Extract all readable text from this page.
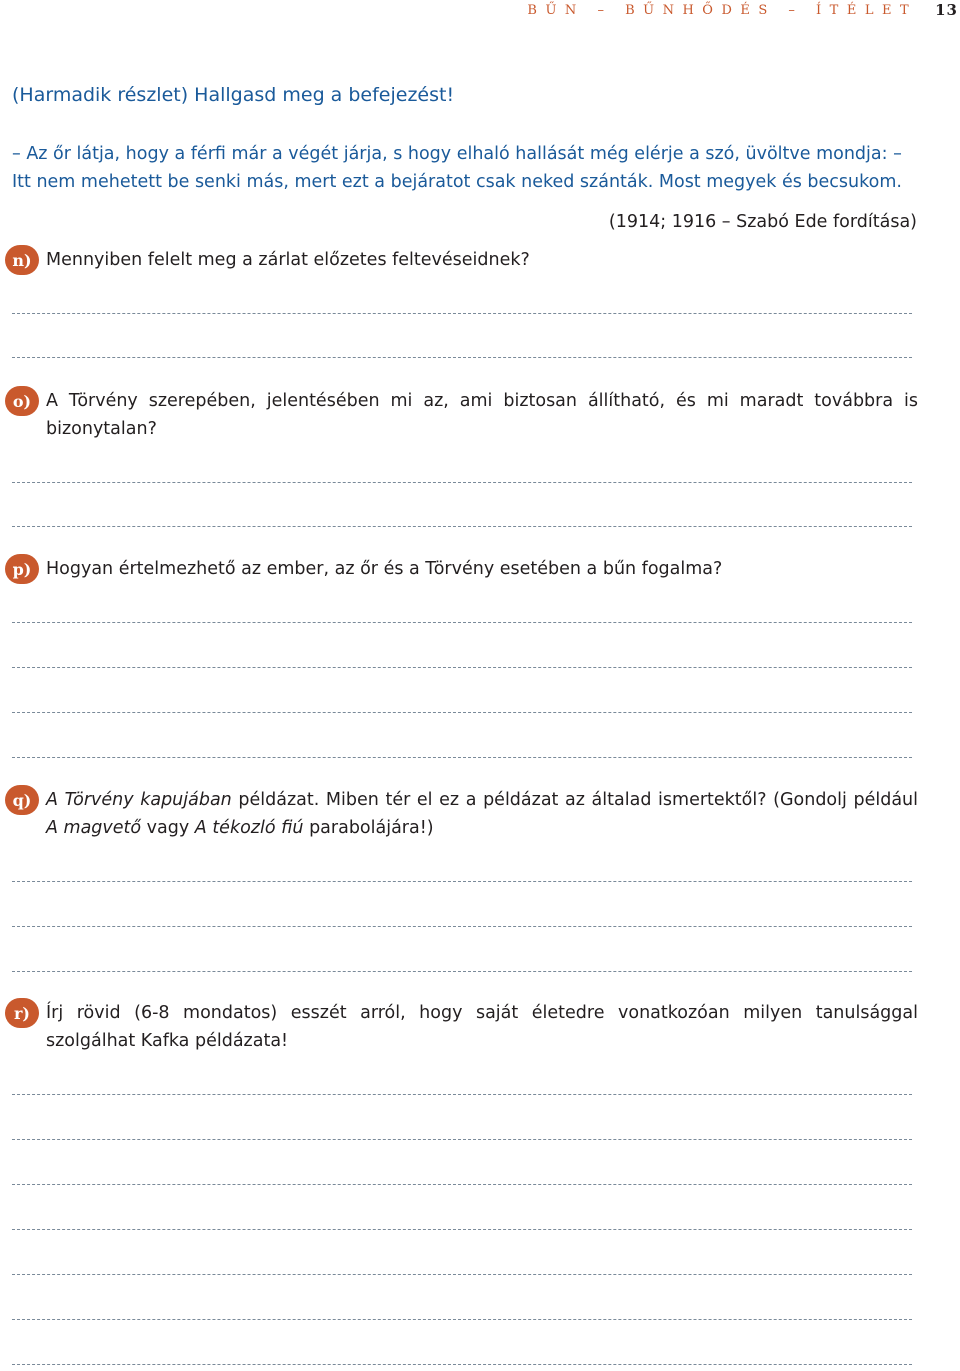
BŰN – BŰNHŐDÉS – ÍTÉLET 13
(Harmadik részlet) Hallgasd meg a befejezést!
– Az őr látja, hogy a férfi már a végét járja, s hogy elhaló hallását még elérje a szó, üvöltve mondja: – Itt nem mehetett be senki más, mert ezt a bejáratot csak neked szánták. Most megyek és becsukom.
(1914; 1916 – Szabó Ede fordítása)
n) Mennyiben felelt meg a zárlat előzetes feltevéseidnek?
o) A Törvény szerepében, jelentésében mi az, ami biztosan állítható, és mi maradt továbbra is bizonytalan?
p) Hogyan értelmezhető az ember, az őr és a Törvény esetében a bűn fogalma?
q) A Törvény kapujában példázat. Miben tér el ez a példázat az általad ismertektől? (Gondolj például A magvető vagy A tékozló fiú parabolájára!)
r) Írj rövid (6-8 mondatos) esszét arról, hogy saját életedre vonatkozóan milyen tanulsággal szolgálhat Kafka példázata!
